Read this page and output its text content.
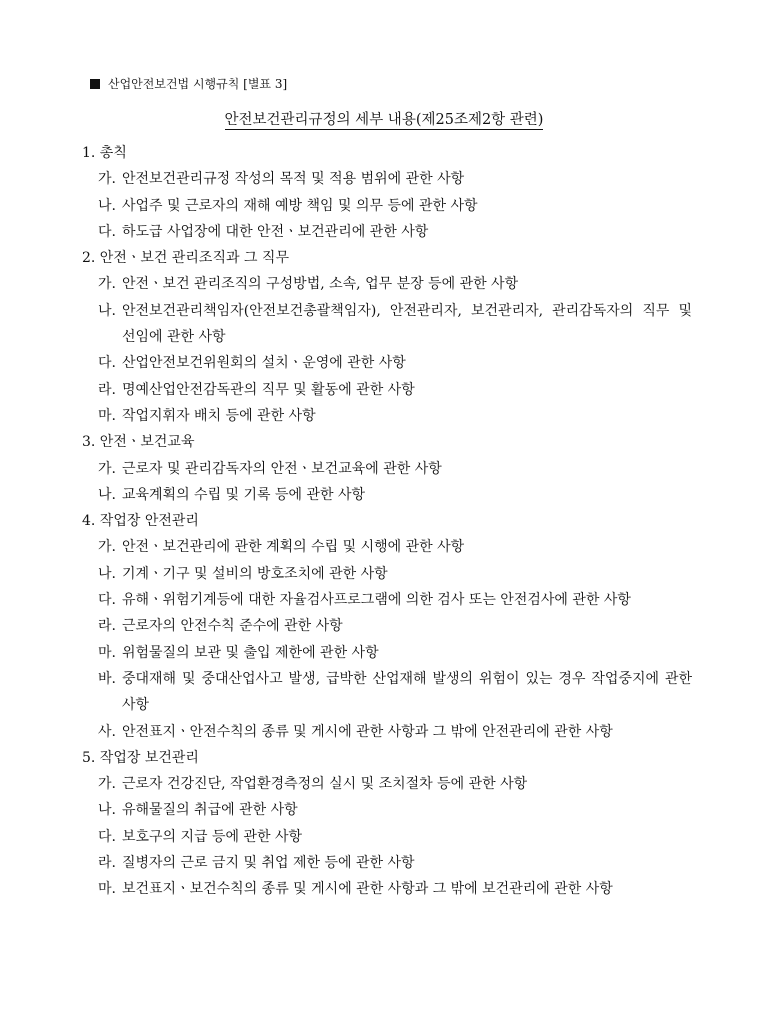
산업안전보건법 시행규칙 [별표 3]
안전보건관리규정의 세부 내용(제25조제2항 관련)
1. 총칙
가. 안전보건관리규정 작성의 목적 및 적용 범위에 관한 사항
나. 사업주 및 근로자의 재해 예방 책임 및 의무 등에 관한 사항
다. 하도급 사업장에 대한 안전ㆍ보건관리에 관한 사항
2. 안전ㆍ보건 관리조직과 그 직무
가. 안전ㆍ보건 관리조직의 구성방법, 소속, 업무 분장 등에 관한 사항
나. 안전보건관리책임자(안전보건총괄책임자), 안전관리자, 보건관리자, 관리감독자의 직무 및 선임에 관한 사항
다. 산업안전보건위원회의 설치ㆍ운영에 관한 사항
라. 명예산업안전감독관의 직무 및 활동에 관한 사항
마. 작업지휘자 배치 등에 관한 사항
3. 안전ㆍ보건교육
가. 근로자 및 관리감독자의 안전ㆍ보건교육에 관한 사항
나. 교육계획의 수립 및 기록 등에 관한 사항
4. 작업장 안전관리
가. 안전ㆍ보건관리에 관한 계획의 수립 및 시행에 관한 사항
나. 기계ㆍ기구 및 설비의 방호조치에 관한 사항
다. 유해ㆍ위험기계등에 대한 자율검사프로그램에 의한 검사 또는 안전검사에 관한 사항
라. 근로자의 안전수칙 준수에 관한 사항
마. 위험물질의 보관 및 출입 제한에 관한 사항
바. 중대재해 및 중대산업사고 발생, 급박한 산업재해 발생의 위험이 있는 경우 작업중지에 관한 사항
사. 안전표지ㆍ안전수칙의 종류 및 게시에 관한 사항과 그 밖에 안전관리에 관한 사항
5. 작업장 보건관리
가. 근로자 건강진단, 작업환경측정의 실시 및 조치절차 등에 관한 사항
나. 유해물질의 취급에 관한 사항
다. 보호구의 지급 등에 관한 사항
라. 질병자의 근로 금지 및 취업 제한 등에 관한 사항
마. 보건표지ㆍ보건수칙의 종류 및 게시에 관한 사항과 그 밖에 보건관리에 관한 사항
